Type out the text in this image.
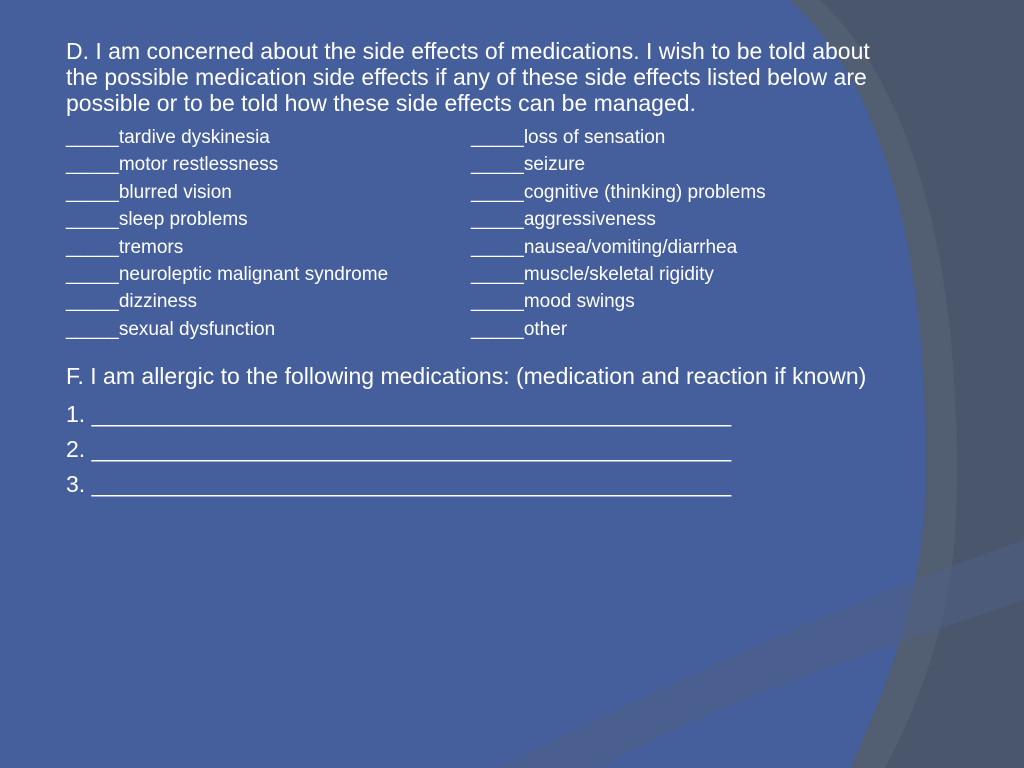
D. I am concerned about the side effects of medications. I wish to be told about the possible medication side effects if any of these side effects listed below are possible or to be told how these side effects can be managed.

_____tardive dyskinesia	_____loss of sensation
_____motor restlessness	_____seizure
_____blurred vision	_____cognitive (thinking) problems
_____sleep problems	_____aggressiveness
_____tremors	_____nausea/vomiting/diarrhea
_____neuroleptic malignant syndrome	_____muscle/skeletal rigidity
_____dizziness	_____mood swings
_____sexual dysfunction	_____other

F. I am allergic to the following medications: (medication and reaction if known)

1. __________________________________________________
2. __________________________________________________
3. __________________________________________________
